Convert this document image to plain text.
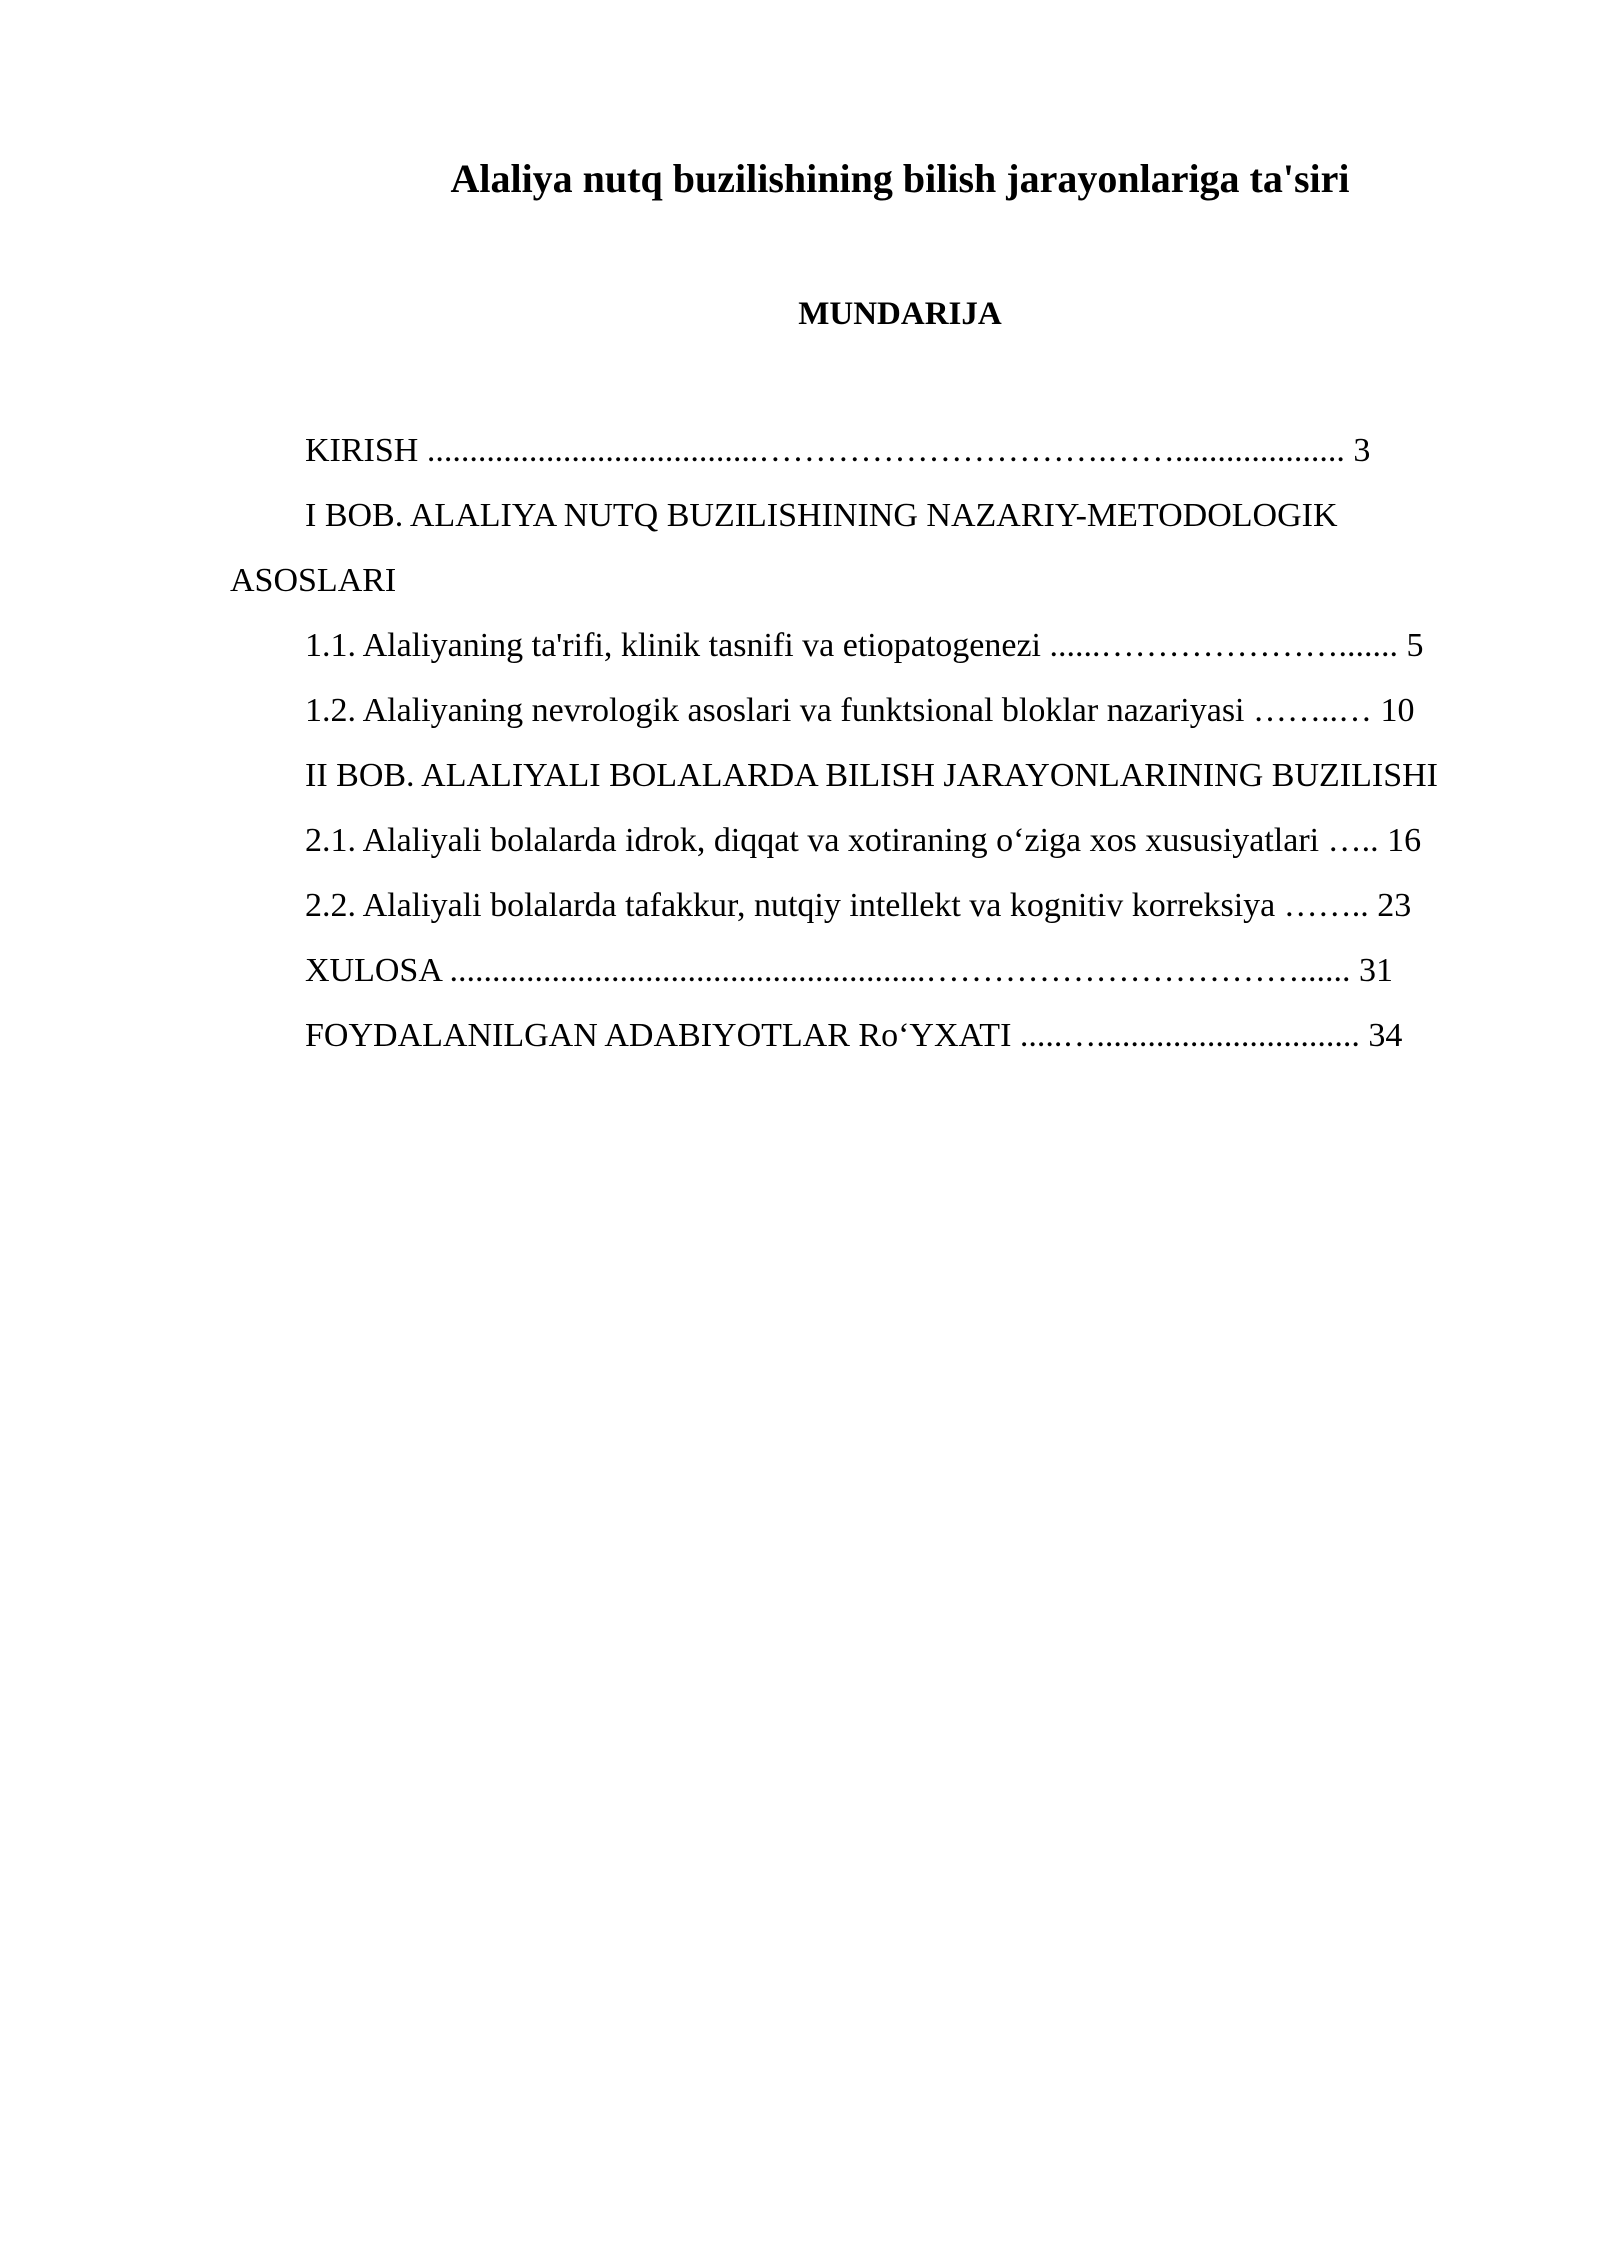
Alaliya nutq buzilishining bilish jarayonlariga ta'siri
MUNDARIJA

KIRISH .......................................………………………….…….................... 3

I BOB. ALALIYA NUTQ BUZILISHINING NAZARIY-METODOLOGIK ASOSLARI

1.1. Alaliyaning ta'rifi, klinik tasnifi va etiopatogenezi ......…………………....... 5

1.2. Alaliyaning nevrologik asoslari va funktsional bloklar nazariyasi ……..… 10

II BOB. ALALIYALI BOLALARDA BILISH JARAYONLARINING BUZILISHI

2.1. Alaliyali bolalarda idrok, diqqat va xotiraning o‘ziga xos xususiyatlari ….. 16

2.2. Alaliyali bolalarda tafakkur, nutqiy intellekt va kognitiv korreksiya …….. 23

XULOSA ........................................................……………………………...... 31

FOYDALANILGAN ADABIYOTLAR Ro‘YXATI .....…............................... 34
